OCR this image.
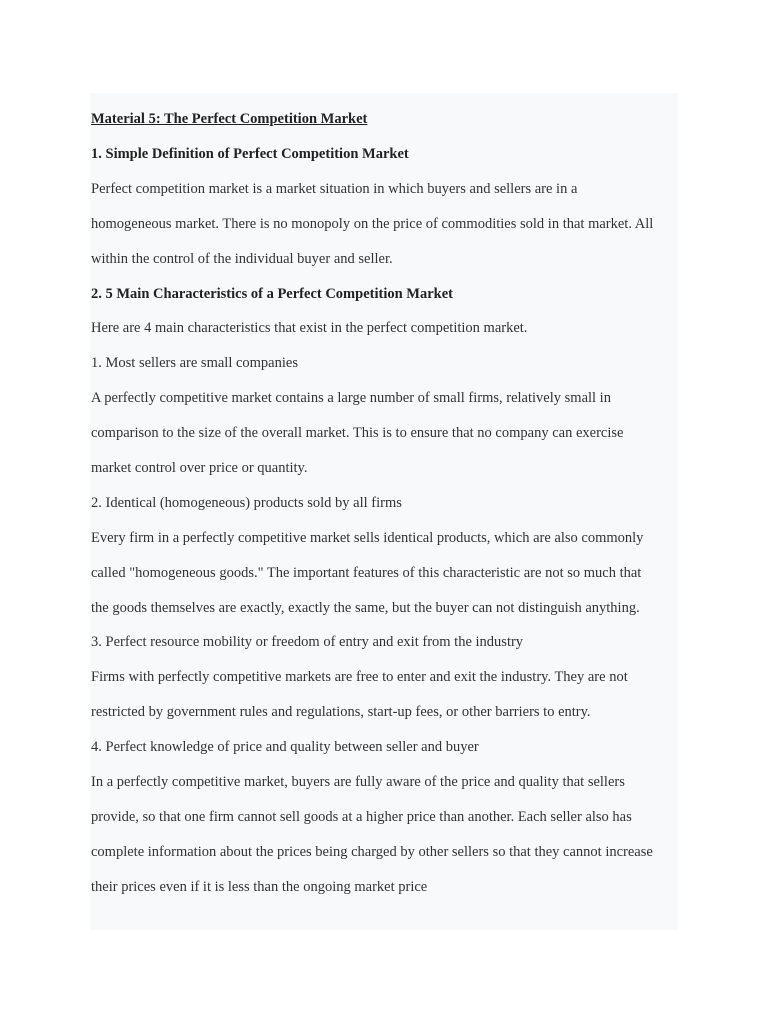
Material 5: The Perfect Competition Market
1. Simple Definition of Perfect Competition Market

Perfect competition market is a market situation in which buyers and sellers are in a

homogeneous market. There is no monopoly on the price of commodities sold in that market. All

within the control of the individual buyer and seller.

2. 5 Main Characteristics of a Perfect Competition Market

Here are 4 main characteristics that exist in the perfect competition market.

1. Most sellers are small companies

A perfectly competitive market contains a large number of small firms, relatively small in

comparison to the size of the overall market. This is to ensure that no company can exercise

market control over price or quantity.

2. Identical (homogeneous) products sold by all firms

Every firm in a perfectly competitive market sells identical products, which are also commonly

called "homogeneous goods." The important features of this characteristic are not so much that

the goods themselves are exactly, exactly the same, but the buyer can not distinguish anything.

3. Perfect resource mobility or freedom of entry and exit from the industry

Firms with perfectly competitive markets are free to enter and exit the industry. They are not

restricted by government rules and regulations, start-up fees, or other barriers to entry.

4. Perfect knowledge of price and quality between seller and buyer

In a perfectly competitive market, buyers are fully aware of the price and quality that sellers

provide, so that one firm cannot sell goods at a higher price than another. Each seller also has

complete information about the prices being charged by other sellers so that they cannot increase

their prices even if it is less than the ongoing market price
